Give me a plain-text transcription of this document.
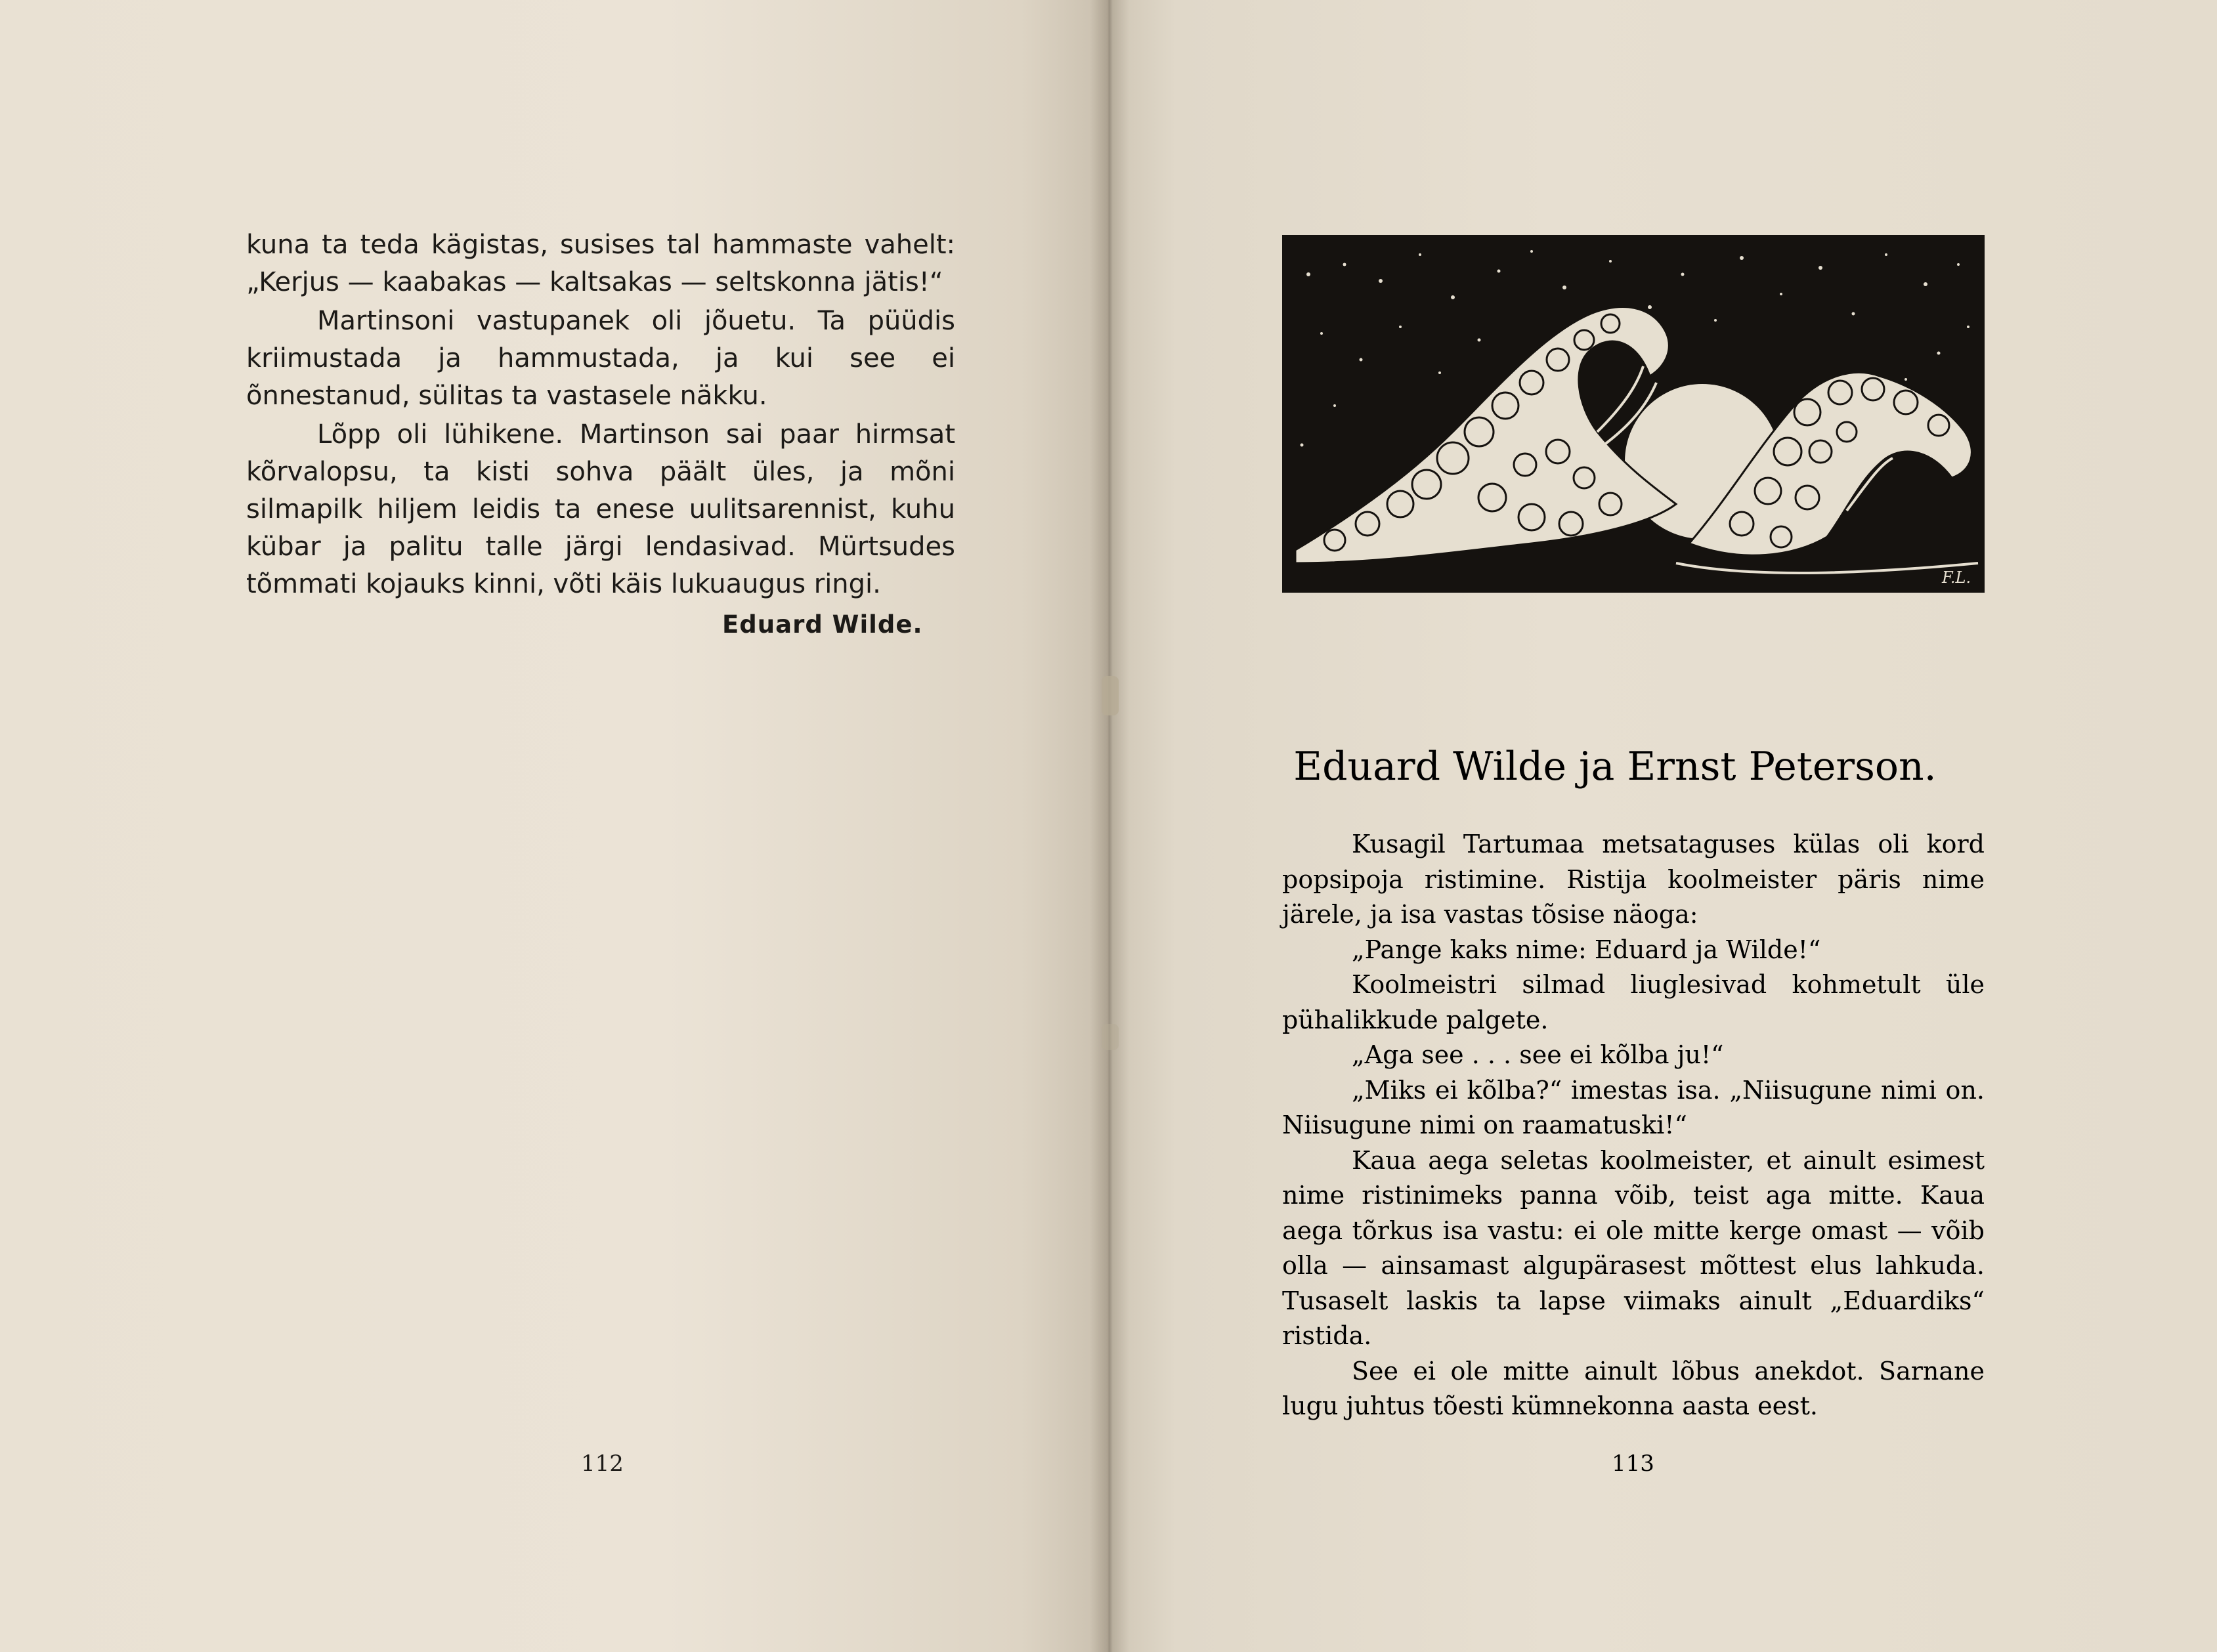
kuna ta teda kägistas, susises tal hammaste vahelt: „Kerjus — kaabakas — kaltsakas — seltskonna jätis!“

Martinsoni vastupanek oli jõuetu. Ta püüdis kriimustada ja hammustada, ja kui see ei õnnestanud, sülitas ta vastasele näkku.

Lõpp oli lühikene. Martinson sai paar hirmsat kõrvalopsu, ta kisti sohva päält üles, ja mõni silmapilk hiljem leidis ta enese uulitsarennist, kuhu kübar ja palitu talle järgi lendasivad. Mürtsudes tõmmati kojauks kinni, võti käis lukuaugus ringi.

Eduard Wilde.
112
F.L.
Eduard Wilde ja Ernst Peterson.

Kusagil Tartumaa metsataguses külas oli kord popsipoja ristimine. Ristija koolmeister päris nime järele, ja isa vastas tõsise näoga:

„Pange kaks nime: Eduard ja Wilde!“

Koolmeistri silmad liuglesivad kohmetult üle pühalikkude palgete.

„Aga see . . . see ei kõlba ju!“

„Miks ei kõlba?“ imestas isa. „Niisugune nimi on. Niisugune nimi on raamatuski!“

Kaua aega seletas koolmeister, et ainult esimest nime ristinimeks panna võib, teist aga mitte. Kaua aega tõrkus isa vastu: ei ole mitte kerge omast — võib olla — ainsamast algupärasest mõttest elus lahkuda. Tusaselt laskis ta lapse viimaks ainult „Eduardiks“ ristida.

See ei ole mitte ainult lõbus anekdot. Sarnane lugu juhtus tõesti kümnekonna aasta eest.

113
